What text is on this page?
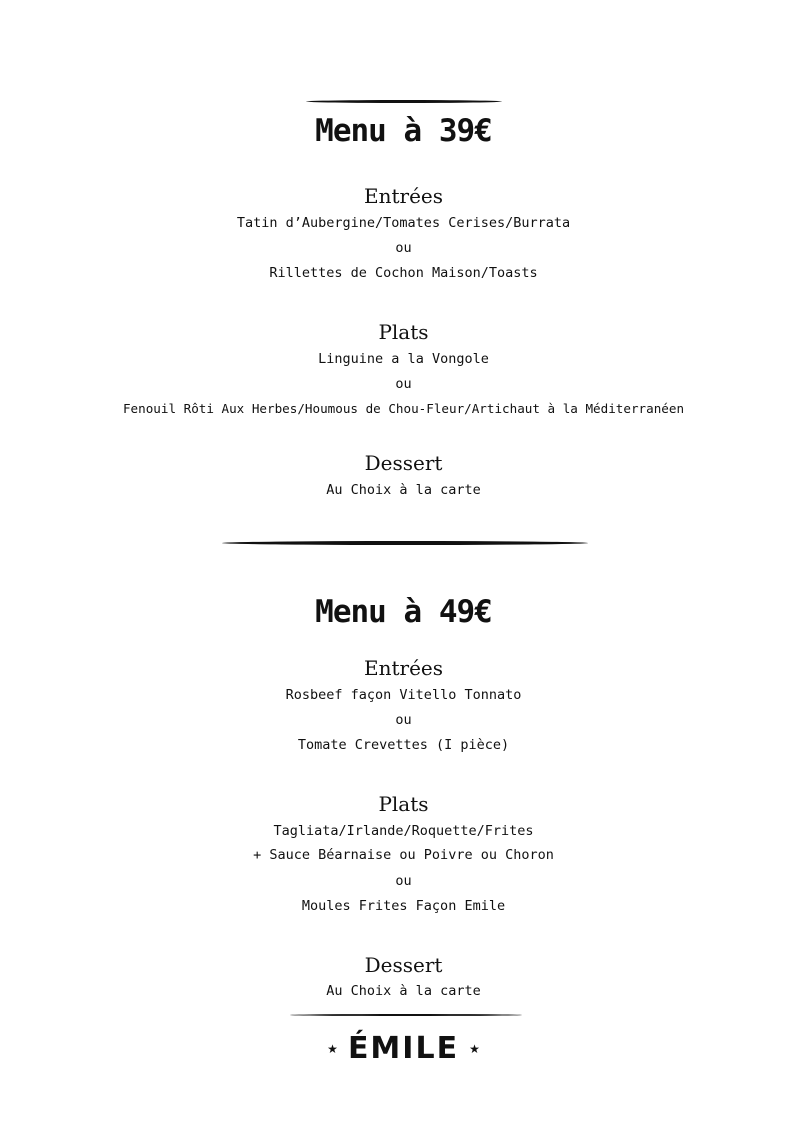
Menu à 39€
Entrées
Tatin d’Aubergine/Tomates Cerises/Burrata
ou
Rillettes de Cochon Maison/Toasts
Plats
Linguine a la Vongole
ou
Fenouil Rôti Aux Herbes/Houmous de Chou-Fleur/Artichaut à la Méditerranéen
Dessert
Au Choix à la carte
Menu à 49€
Entrées
Rosbeef façon Vitello Tonnato
ou
Tomate Crevettes (I pièce)
Plats
Tagliata/Irlande/Roquette/Frites
+ Sauce Béarnaise ou Poivre ou Choron
ou
Moules Frites Façon Emile
Dessert
Au Choix à la carte
★ ÉMILE ★
